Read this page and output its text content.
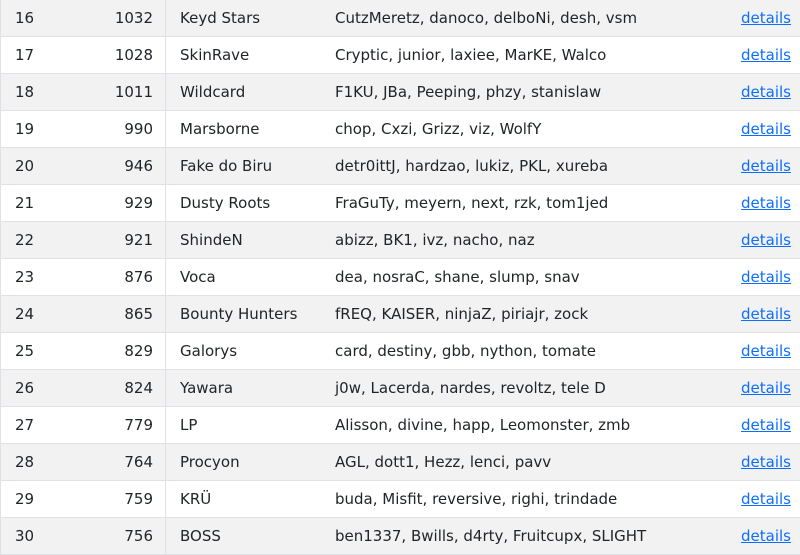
16	1032 Keyd Stars	CutzMeretz, danoco, delboNi, desh, vsm	details
17	1028 SkinRave	Cryptic, junior, laxiee, MarKE, Walco	details
18	1011 Wildcard	F1KU, JBa, Peeping, phzy, stanislaw	details
19	990 Marsborne	chop, Cxzi, Grizz, viz, WolfY	details
20	946 Fake do Biru	detr0ittJ, hardzao, lukiz, PKL, xureba	details
21	929 Dusty Roots	FraGuTy, meyern, next, rzk, tom1jed	details
22	921 ShindeN	abizz, BK1, ivz, nacho, naz	details
23	876 Voca	dea, nosraC, shane, slump, snav	details
24	865 Bounty Hunters	fREQ, KAISER, ninjaZ, piriajr, zock	details
25	829 Galorys	card, destiny, gbb, nython, tomate	details
26	824 Yawara	j0w, Lacerda, nardes, revoltz, tele D	details
27	779 LP	Alisson, divine, happ, Leomonster, zmb	details
28	764 Procyon	AGL, dott1, Hezz, lenci, pavv	details
29	759 KRÜ	buda, Misfit, reversive, righi, trindade	details
30	756 BOSS	ben1337, Bwills, d4rty, Fruitcupx, SLIGHT	details
